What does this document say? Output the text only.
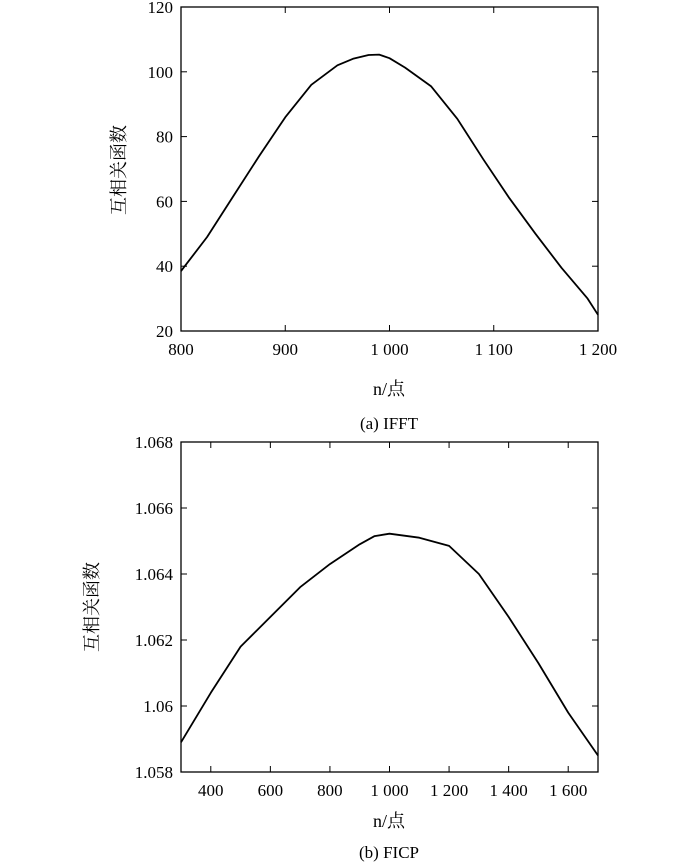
800	900	1 000	1 100	1 200
20
40
60
80
100
120
n/点
互相关函数
(a) IFFT
400 600 800 1 000 1 200 1 400 1 600
1.058
1.06
1.062
1.064
1.066
1.068
n/点
互相关函数
(b) FICP
